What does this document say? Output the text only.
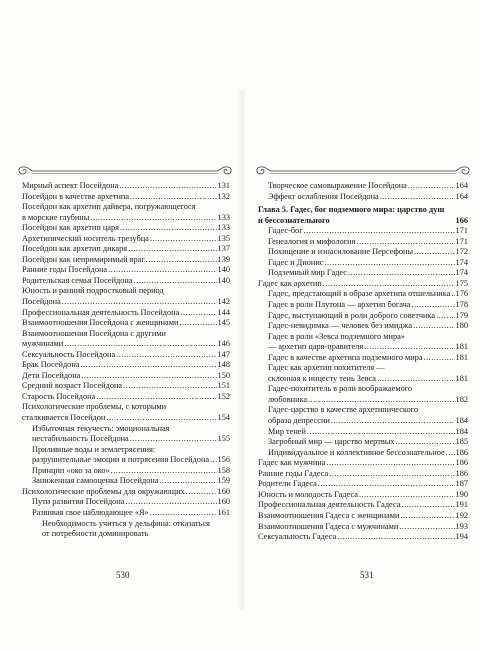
Мирный аспект Посейдона .....	131
Посейдон в качестве архетипа .....	132
Посейдон как архетип дайвера, погружающегося
в морские глубины .....	133
Посейдон как архетип царя .....	133
Архетипический носитель трезубца .....	135
Посейдон как архетип дикаря .....	137
Посейдон как непримиримый враг .....	139
Ранние годы Посейдона .....	140
Родительская семья Посейдона .....	140
Юность и ранний подростковый период
Посейдона .....	142
Профессиональная деятельность Посейдона .....	144
Взаимоотношения Посейдона с женщинами .....	145
Взаимоотношения Посейдона с другими
мужчинами .....	146
Сексуальность Посейдона .....	147
Брак Посейдона .....	148
Дети Посейдона .....	150
Средний возраст Посейдона .....	151
Старость Посейдона .....	152
Психологические проблемы, с которыми
сталкивается Посейдон .....	154
Избыточная текучесть: эмоциональная
нестабильность Посейдона .....	155
Приливные воды и землетрясения:
разрушительные эмоции и потрясения Посейдона ..... 156
Принцип «око за око» .....	158
Заниженная самооценка Посейдона .....	159
Психологические проблемы для окружающих .....	160
Пути развития Посейдона .....	160
Развивая свое наблюдающее «Я» .....	161
Необходимость учиться у дельфина: отказаться
от потребности доминировать
530
Творческое самовыражение Посейдона .....	164
Эффект ослабления Посейдона .....	164
Глава 5. Гадес, бог подземного мира: царство душ
и бессознательного	166
Гадес-бог .....	171
Генеалогия и мифология .....	171
Похищение и изнасилование Персефоны .....	172
Гадес и Дионис .....	174
Подземный мир Гадес .....	174
Гадес как архетип .....	175
Гадес, предстающий в образе архетипа отшельника ..... 176
Гадес в роли Плутона — архетип богача .....	178
Гадес, выступающий в роли доброго советчика ..... 179
Гадес-невидимка — человек без имиджа .....	180
Гадес в роли «Зевса подземного мира»
— архетип царя-правителя .....	181
Гадес в качестве архетипа подземного мира .....	181
Гадес как архетип похитителя —
склонная к инцесту тень Зевса .....	181
Гадес-похититель в роли воображаемого
любовника .....	182
Гадес-царство в качестве архетипического
образа депрессии .....	184
Мир теней .....	184
Загробный мир — царство мертвых .....	185
Индивидуальное и коллективное бессознательное ..... 186
Гадес как мужчина .....	186
Ранние годы Гадеса .....	186
Родители Гадеса .....	187
Юность и молодость Гадеса .....	190
Профессиональная деятельность Гадеса .....	191
Взаимоотношения Гадеса с женщинами .....	192
Взаимоотношения Гадеса с мужчинами .....	193
Сексуальность Гадеса .....	194
531
